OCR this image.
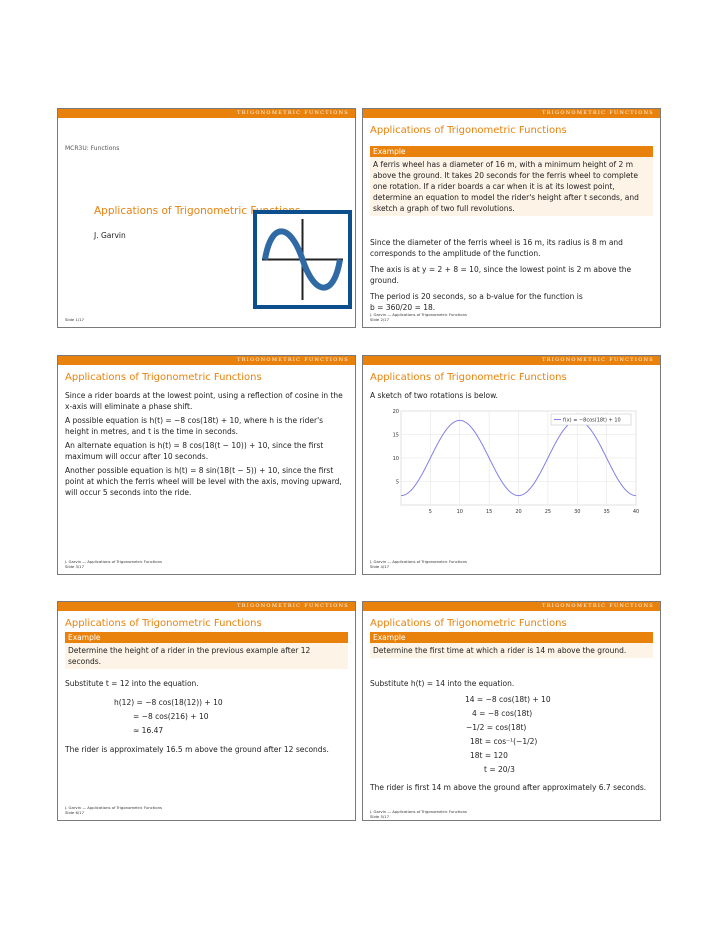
TRIGONOMETRIC FUNCTIONS
MCR3U: Functions
Applications of Trigonometric Functions
J. Garvin
Slide 1/17
TRIGONOMETRIC FUNCTIONS
Applications of Trigonometric Functions
Example
A ferris wheel has a diameter of 16 m, with a minimum height of 2 m above the ground. It takes 20 seconds for the ferris wheel to complete one rotation. If a rider boards a car when it is at its lowest point, determine an equation to model the rider's height after t seconds, and sketch a graph of two full revolutions.
Since the diameter of the ferris wheel is 16 m, its radius is 8 m and corresponds to the amplitude of the function.
The axis is at y = 2 + 8 = 10, since the lowest point is 2 m above the ground.
The period is 20 seconds, so a b-value for the function is
b = 360/20 = 18.
J. Garvin — Applications of Trigonometric Functions
Slide 2/17
TRIGONOMETRIC FUNCTIONS
Applications of Trigonometric Functions
Since a rider boards at the lowest point, using a reflection of cosine in the x-axis will eliminate a phase shift.
A possible equation is h(t) = −8 cos(18t) + 10, where h is the rider's height in metres, and t is the time in seconds.
An alternate equation is h(t) = 8 cos(18(t − 10)) + 10, since the first maximum will occur after 10 seconds.
Another possible equation is h(t) = 8 sin(18(t − 5)) + 10, since the first point at which the ferris wheel will be level with the axis, moving upward, will occur 5 seconds into the ride.
J. Garvin — Applications of Trigonometric Functions
Slide 3/17
TRIGONOMETRIC FUNCTIONS
Applications of Trigonometric Functions
A sketch of two rotations is below.
5	10	15	20	25	30	35	40
5
10
15
20
f(x) = −8cos(18t) + 10
J. Garvin — Applications of Trigonometric Functions
Slide 4/17
TRIGONOMETRIC FUNCTIONS
Applications of Trigonometric Functions
Example
Determine the height of a rider in the previous example after 12 seconds.
Substitute t = 12 into the equation.
h(12) = −8 cos(18(12)) + 10
= −8 cos(216) + 10
≈ 16.47
The rider is approximately 16.5 m above the ground after 12 seconds.
J. Garvin — Applications of Trigonometric Functions
Slide 6/17
TRIGONOMETRIC FUNCTIONS
Applications of Trigonometric Functions
Example
Determine the first time at which a rider is 14 m above the ground.
Substitute h(t) = 14 into the equation.
14 = −8 cos(18t) + 10
4 = −8 cos(18t)
−1/2 = cos(18t)
18t = cos⁻¹(−1/2)
18t = 120
t = 20/3
The rider is first 14 m above the ground after approximately 6.7 seconds.
J. Garvin — Applications of Trigonometric Functions
Slide 5/17
